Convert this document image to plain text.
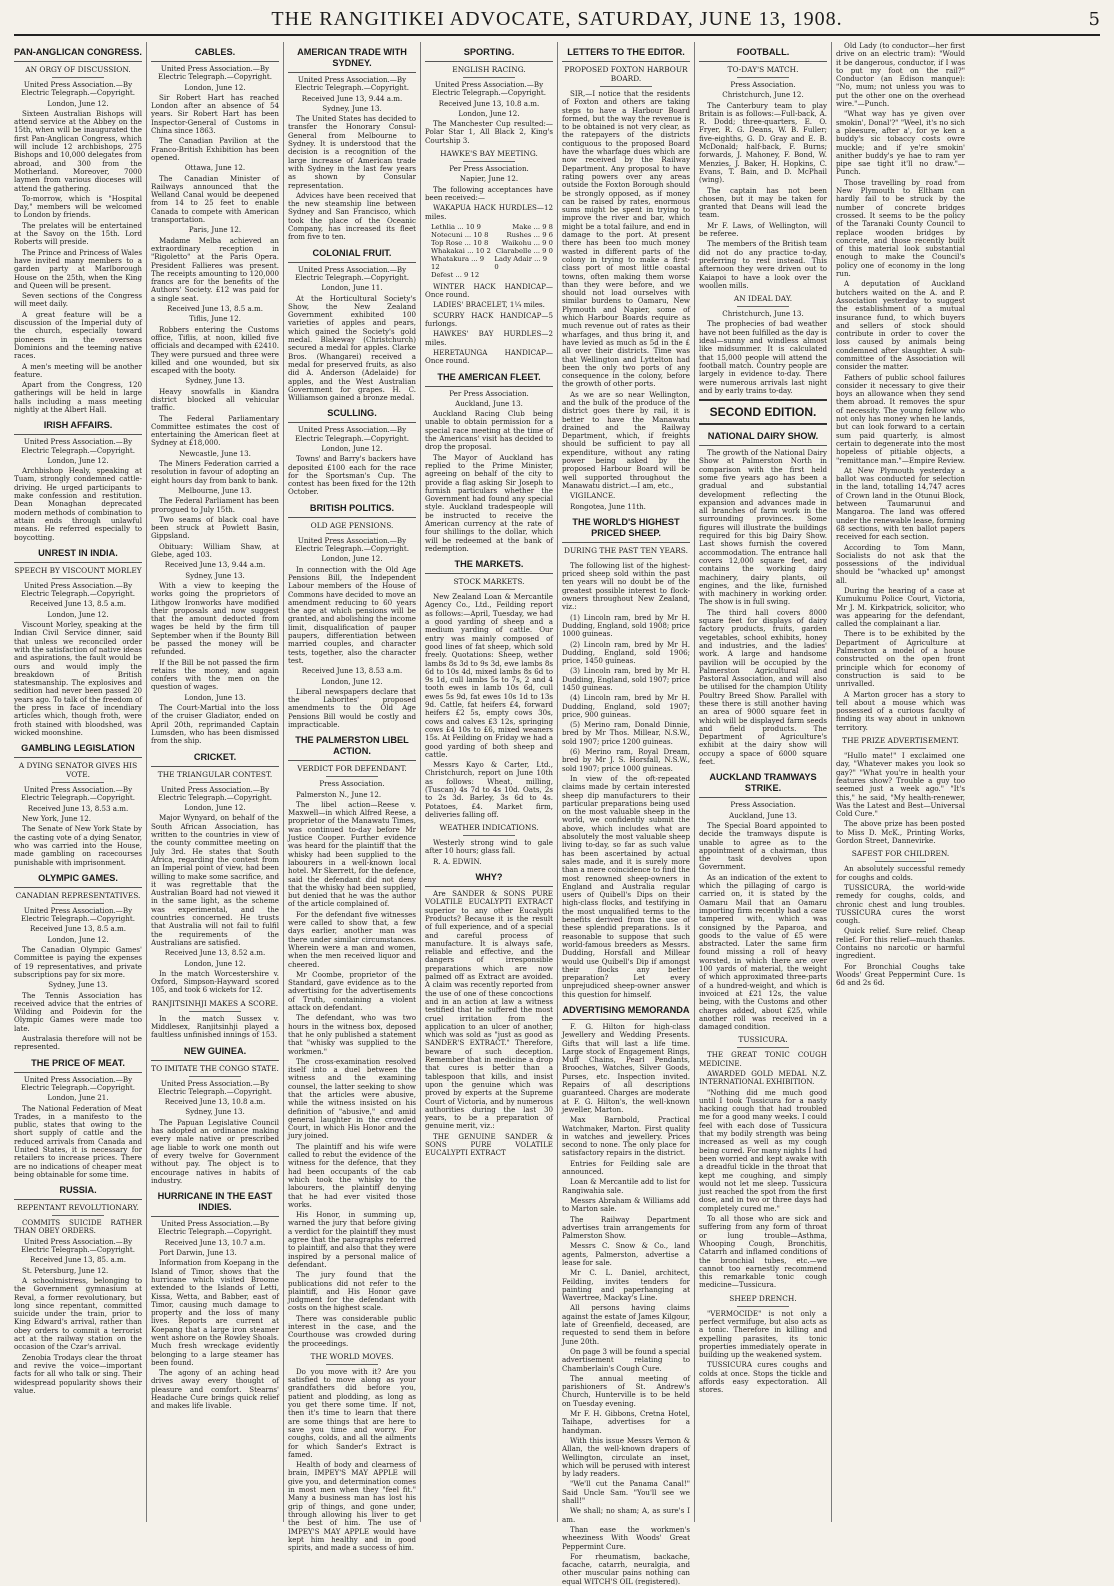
THE RANGITIKEI ADVOCATE, SATURDAY, JUNE 13, 1908.	5
PAN-ANGLICAN CONGRESS.
AN ORGY OF DISCUSSION.

United Press Association.—By Electric Telegraph.—Copyright.

London, June 12.

Sixteen Australian Bishops will attend service at the Abbey on the 15th, when will be inaugurated the first Pan-Anglican Congress, which will include 12 archbishops, 275 Bishops and 10,000 delegates from abroad, and 300 from the Motherland. Moreover, 7000 laymen from various dioceses will attend the gathering.

To-morrow, which is "Hospital Day," members will be welcomed to London by friends.

The prelates will be entertained at the Savoy on the 15th. Lord Roberts will preside.

The Prince and Princess of Wales have invited many members to a garden party at Marlborough House on the 25th, when the King and Queen will be present.

Seven sections of the Congress will meet daily.

A great feature will be a discussion of the Imperial duty of the church, especially toward pioneers in the overseas Dominions and the teeming native races.

A men's meeting will be another feature.

Apart from the Congress, 120 gatherings will be held in large halls including a mass meeting nightly at the Albert Hall.

IRISH AFFAIRS.

United Press Association.—By Electric Telegraph.—Copyright.

London, June 12.

Archbishop Healy, speaking at Tuam, strongly condemned cattle-driving. He urged participants to make confession and restitution. Dean Monaghan deprecated modern methods of combination to attain ends through unlawful means. He referred especially to boycotting.

UNREST IN INDIA.
SPEECH BY VISCOUNT MORLEY

United Press Association.—By Electric Telegraph.—Copyright.

Received June 13, 8.5 a.m.

London, June 12.

Viscount Morley, speaking at the Indian Civil Service dinner, said that unless we reconciled order with the satisfaction of native ideas and aspirations, the fault would be ours and would imply the breakdown of British statesmanship. The explosives and sedition had never been passed 20 years ago. To talk of the freedom of the press in face of incendiary articles which, though froth, were froth stained with bloodshed, was wicked moonshine.

GAMBLING LEGISLATION
A DYING SENATOR GIVES HIS VOTE.

United Press Association.—By Electric Telegraph.—Copyright.

Received June 13, 8.53 a.m.

New York, June 12.

The Senate of New York State by the casting vote of a dying Senator, who was carried into the House, made gambling on racecourses punishable with imprisonment.

OLYMPIC GAMES.
CANADIAN REPRESENTATIVES.

United Press Association.—By Electric Telegraph.—Copyright.

Received June 13, 8.5 a.m.

London, June 12.

The Canadian Olympic Games' Committee is paying the expenses of 19 representatives, and private subscriptions pay for six more.

Sydney, June 13.

The Tennis Association has received advice that the entries of Wilding and Poidevin for the Olympic Games were made too late.

Australasia therefore will not be represented.

THE PRICE OF MEAT.

United Press Association.—By Electric Telegraph.—Copyright.

London, June 21.

The National Federation of Meat Trades, in a manifesto to the public, states that owing to the short supply of cattle and the reduced arrivals from Canada and United States, it is necessary for retailers to increase prices. There are no indications of cheaper meat being obtainable for some time.

RUSSIA.
REPENTANT REVOLUTIONARY.

COMMITS SUICIDE RATHER THAN OBEY ORDERS.

United Press Association.—By Electric Telegraph.—Copyright.

Received June 13, 85. a.m.

St. Petersburg, June 12.

A schoolmistress, belonging to the Government gymnasium at Reval, a former revolutionary, but long since repentant, committed suicide under the train, prior to King Edward's arrival, rather than obey orders to commit a terrorist act at the railway station on the occasion of the Czar's arrival.

Zenobia Trodays clear the throat and revive the voice—important facts for all who talk or sing. Their widespread popularity shows their value.

CABLES.

United Press Association.—By Electric Telegraph.—Copyright.

London, June 12.

Sir Robert Hart has reached London after an absence of 54 years. Sir Robert Hart has been Inspector-General of Customs in China since 1863.

The Canadian Pavilion at the Franco-British Exhibition has been opened.

Ottawa, June 12.

The Canadian Minister of Railways announced that the Welland Canal would be deepened from 14 to 25 feet to enable Canada to compete with American transportation.

Paris, June 12.

Madame Melba achieved an extraordinary reception in "Rigoletto" at the Paris Opera. President Fallieres was present. The receipts amounting to 120,000 francs are for the benefits of the Authors' Society. £12 was paid for a single seat.

Received June 13, 8.5 a.m.

Tiflis, June 12.

Robbers entering the Customs office, Tiflis, at noon, killed five officials and decamped with £2410. They were pursued and three were killed and one wounded, but six escaped with the booty.

Sydney, June 13.

Heavy snowfalls in Kiandra district blocked all vehicular traffic.

The Federal Parliamentary Committee estimates the cost of entertaining the American fleet at Sydney at £18,000.

Newcastle, June 13.

The Miners Federation carried a resolution in favour of adopting an eight hours day from bank to bank.

Melbourne, June 13.

The Federal Parliament has been prorogued to July 15th.

Two seams of black coal have been struck at Powlett Basin, Gippsland.

Obituary: William Shaw, at Glebe, aged 103.

Received June 13, 9.44 a.m.

Sydney, June 13.

With a view to keeping the works going the proprietors of Lithgow Ironworks have modified their proposals and now suggest that the amount deducted from wages be held by the firm till September when if the Bounty Bill be passed the money will be refunded.

If the Bill be not passed the firm retains the money, and again confers with the men on the question of wages.

London, June 13.

The Court-Martial into the loss of the cruiser Gladiator, ended on April 20th, reprimanded Captain Lumsden, who has been dismissed from the ship.

CRICKET.
THE TRIANGULAR CONTEST.

United Press Association.—By Electric Telegraph.—Copyright.

London, June 12.

Major Wynyard, on behalf of the South African Association, has written to the countries in view of the county committee meeting on July 3rd. He states that South Africa, regarding the contest from an Imperial point of view, had been willing to make some sacrifice, and it was regrettable that the Australian Board had not viewed it in the same light, as the scheme was experimental, and the countries concerned. He trusts that Australia will not fail to fulfil the requirements of the Australians are satisfied.

Received June 13, 8.52 a.m.

London, June 12.

In the match Worcestershire v. Oxford, Simpson-Hayward scored 105, and took 6 wickets for 12.

RANJITSINHJI MAKES A SCORE.

In the match Sussex v. Middlesex, Ranjitsinhji played a faultless unfinished innings of 153.

NEW GUINEA.
TO IMITATE THE CONGO STATE.

United Press Association.—By Electric Telegraph.—Copyright.

Received June 13, 10.8 a.m.

Sydney, June 13.

The Papuan Legislative Council has adopted an ordinance making every male native or prescribed age liable to work one month out of every twelve for Government without pay. The object is to encourage natives in habits of industry.

HURRICANE IN THE EAST INDIES.

United Press Association.—By Electric Telegraph.—Copyright.

Received June 13, 10.7 a.m.

Port Darwin, June 13.

Information from Koepang in the Island of Timor, shows that the hurricane which visited Broome extended to the Islands of Letti, Kissa, Wetta, and Babber, east of Timor, causing much damage to property and the loss of many lives. Reports are current at Koepang that a large iron steamer went ashore on the Rowley Shoals. Much fresh wreckage evidently belonging to a large steamer has been found.

The agony of an aching head drives away every thought of pleasure and comfort. Stearns' Headache Cure brings quick relief and makes life livable.

AMERICAN TRADE WITH SYDNEY.

United Press Association.—By Electric Telegraph.—Copyright.

Received June 13, 9.44 a.m.

Sydney, June 13.

The United States has decided to transfer the Honorary Consul-General from Melbourne to Sydney. It is understood that the decision is a recognition of the large increase of American trade with Sydney in the last few years as shown by Consular representation.

Advices have been received that the new steamship line between Sydney and San Francisco, which took the place of the Oceanic Company, has increased its fleet from five to ten.

COLONIAL FRUIT.

United Press Association.—By Electric Telegraph.—Copyright.

London, June 11.

At the Horticultural Society's Show, the New Zealand Government exhibited 100 varieties of apples and pears, which gained the Society's gold medal. Blakeway (Christchurch) secured a medal for apples. Clarke Bros. (Whangarei) received a medal for preserved fruits, as also did A. Anderson (Adelaide) for apples, and the West Australian Government for grapes. H. C. Williamson gained a bronze medal.

SCULLING.

United Press Association.—By Electric Telegraph.—Copyright.

London, June 12.

Towns' and Barry's backers have deposited £100 each for the race for the Sportsman's Cup. The contest has been fixed for the 12th October.

BRITISH POLITICS.
OLD AGE PENSIONS.

United Press Association.—By Electric Telegraph.—Copyright.

London, June 12.

In connection with the Old Age Pensions Bill, the Independent Labour members of the House of Commons have decided to move an amendment reducing to 60 years the age at which pensions will be granted, and abolishing the income limit, disqualification of pauper paupers, differentiation between married couples, and character tests, together, also the character test.

Received June 13, 8.53 a.m.

London, June 12.

Liberal newspapers declare that the Laborites' proposed amendments to the Old Age Pensions Bill would be costly and impracticable.

THE PALMERSTON LIBEL ACTION.
VERDICT FOR DEFENDANT.

Press Association.

Palmerston N., June 12.

The libel action—Reese v. Maxwell—in which Alfred Reese, a proprietor of the Manawatu Times, was continued to-day before Mr Justice Cooper. Further evidence was heard for the plaintiff that the whisky had been supplied to the labourers in a well-known local hotel. Mr Skerrett, for the defence, said the defendant did not deny that the whisky had been supplied, but denied that he was the author of the article complained of.

For the defendant five witnesses were called to show that, a few days earlier, another man was there under similar circumstances. Wherein were a man and women, when the men received liquor and cheered.

Mr Coombe, proprietor of the Standard, gave evidence as to the advertising for the advertisements of Truth, containing a violent attack on defendant.

The defendant, who was two hours in the witness box, deposed that he only published a statement that "whisky was supplied to the workmen."

The cross-examination resolved itself into a duel between the witness and the examining counsel, the latter seeking to show that the articles were abusive, while the witness insisted on his definition of "abusive," and amid general laughter in the crowded Court, in which His Honor and the jury joined.

The plaintiff and his wife were called to rebut the evidence of the witness for the defence, that they had been occupants of the cab which took the whisky to the labourers, the plaintiff denying that he had ever visited those works.

His Honor, in summing up, warned the jury that before giving a verdict for the plaintiff they must agree that the paragraphs referred to plaintiff, and also that they were inspired by a personal malice of defendant.

The jury found that the publications did not refer to the plaintiff, and His Honor gave judgment for the defendant with costs on the highest scale.

There was considerable public interest in the case, and the Courthouse was crowded during the proceedings.

THE WORLD MOVES.

Do you move with it? Are you satisfied to move along as your grandfathers did before you, patient and plodding, as long as you get there some time. If not, then it's time to learn that there are some things that are here to save you time and worry. For coughs, colds, and all the ailments for which Sander's Extract is famed.

Health of body and clearness of brain, IMPEY'S MAY APPLE will give you, and determination comes in most men when they "feel fit." Many a business man has lost his grip of things, and gone under, through allowing his liver to get the best of him. The use of IMPEY'S MAY APPLE would have kept him healthy and in good spirits, and made a success of him.

SPORTING.
ENGLISH RACING.

United Press Association.—By Electric Telegraph.—Copyright.

Received June 13, 10.8 a.m.

London, June 12.

The Manchester Cup resulted:—Polar Star 1, All Black 2, King's Courtship 3.

HAWKE'S BAY MEETING.

Per Press Association.

Napier, June 12.

The following acceptances have been received:—

WAKAPUA HACK HURDLES—12 miles.

Lethlia ... 10 9	Make ... 9 8
Notecuni ... 10 8	Rushes ... 9 6
Top Rose ... 10 8 Waikohu ... 9 0
Whakakai ... 10 2 Clarabelle ... 9 0
Whatakura ... 9 12
Lady Adair ... 9 0
Defest ... 9 12

WINTER HACK HANDICAP—Once round.

LADIES' BRACELET, 1¼ miles.

SCURRY HACK HANDICAP—5 furlongs.

HAWKES' BAY HURDLES—2 miles.

HERETAUNGA HANDICAP—Once round.

THE AMERICAN FLEET.

Per Press Association.

Auckland, June 13.

Auckland Racing Club being unable to obtain permission for a special race meeting at the time of the Americans' visit has decided to drop the proposal.

The Mayor of Auckland has replied to the Prime Minister, agreeing on behalf of the city to provide a flag asking Sir Joseph to furnish particulars whether the Government had found any special style. Auckland tradespeople will be instructed to receive the American currency at the rate of four shillings to the dollar, which will be redeemed at the bank of redemption.

THE MARKETS.
STOCK MARKETS.

New Zealand Loan & Mercantile Agency Co., Ltd., Feilding report as follows:—April, Tuesday, we had a good yarding of sheep and a medium yarding of cattle. Our entry was mainly composed of good lines of fat sheep, which sold freely. Quotations: Sheep, wether lambs 8s 3d to 9s 3d, ewe lambs 8s 6d to 10s 4d, mixed lambs 8s 6d to 9s 1d, cull lambs 5s to 7s, 2 and 4 tooth ewes in lamb 10s 6d, cull ewes 5s 9d, fat ewes 10s 1d to 13s 9d. Cattle, fat heifers £4, forward heifers £2 5s, empty cows 30s, cows and calves £3 12s, springing cows £4 10s to £6, mixed weaners 15s. At Feilding on Friday we had a good yarding of both sheep and cattle.

Messrs Kayo & Carter, Ltd., Christchurch, report on June 10th as follows: Wheat, milling, (Tuscan) 4s 7d to 4s 10d. Oats, 2s to 2s 3d. Barley, 3s 6d to 4s. Potatoes, £4. Market firm, deliveries falling off.

WEATHER INDICATIONS.

Westerly strong wind to gale after 10 hours; glass fall.

R. A. EDWIN.

WHY?

Are SANDER & SONS PURE VOLATILE EUCALYPTI EXTRACT superior to any other Eucalypti Products? Because it is the result of full experience, and of a special and careful process of manufacture. It is always safe, reliable and effective, and the dangers of irresponsible preparations which are now palmed off as Extract are avoided. A claim was recently reported from the use of one of these concoctions and in an action at law a witness testified that he suffered the most cruel irritation from the application to an ulcer of another, which was sold as "just as good as SANDER'S EXTRACT." Therefore, beware of such deception. Remember that in medicine a drop that cures is better than a tablespoon that kills, and insist upon the genuine which was proved by experts at the Supreme Court of Victoria, and by numerous authorities during the last 30 years, to be a preparation of genuine merit, viz.:

THE GENUINE SANDER & SONS PURE VOLATILE EUCALYPTI EXTRACT

LETTERS TO THE EDITOR.
PROPOSED FOXTON HARBOUR BOARD.

SIR,—I notice that the residents of Foxton and others are taking steps to have a Harbour Board formed, but the way the revenue is to be obtained is not very clear, as the ratepayers of the districts contiguous to the proposed Board have the wharfage dues which are now received by the Railway Department. Any proposal to have rating powers over any areas outside the Foxton Borough should be strongly opposed, as if money can be raised by rates, enormous sums might be spent in trying to improve the river and bar, which might be a total failure, and end in damage to the port. At present there has been too much money wasted in different parts of the colony in trying to make a first-class port of most little coastal towns, often making them worse than they were before, and we should not load ourselves with similar burdens to Oamaru, New Plymouth and Napier, some of which Harbour Boards require as much revenue out of rates as their wharfages, and thus bring it, and have levied as much as 5d in the £ all over their districts. Time was that Wellington and Lyttelton had been the only two ports of any consequence in the colony, before the growth of other ports.

As we are so near Wellington, and the bulk of the produce of the district goes there by rail, it is better to have the Manawatu drained and the Railway Department, which, if freights should be sufficient to pay all expenditure, without any rating power being asked by the proposed Harbour Board will be well supported throughout the Manawatu district.—I am, etc.,

VIGILANCE.

Rongotea, June 11th.

THE WORLD'S HIGHEST PRICED SHEEP.
DURING THE PAST TEN YEARS.

The following list of the highest-priced sheep sold within the past ten years will no doubt be of the greatest possible interest to flock-owners throughout New Zealand, viz.:

(1) Lincoln ram, bred by Mr H. Dudding, England, sold 1908; price 1000 guineas.

(2) Lincoln ram, bred by Mr H. Dudding, England, sold 1906; price, 1450 guineas.

(3) Lincoln ram, bred by Mr H. Dudding, England, sold 1907; price 1450 guineas.

(4) Lincoln ram, bred by Mr H. Dudding, England, sold 1907; price, 900 guineas.

(5) Merino ram, Donald Dinnie, bred by Mr Thos. Millear, N.S.W., sold 1907; price 1200 guineas.

(6) Merino ram, Royal Dream, bred by Mr J. S. Horsfall, N.S.W., sold 1907; price 1000 guineas.

In view of the oft-repeated claims made by certain interested sheep dip manufacturers to their particular preparations being used on the most valuable sheep in the world, we confidently submit the above, which includes what are absolutely the most valuable sheep living to-day, so far as such value has been ascertained by actual sales made, and it is surely more than a mere coincidence to find the most renowned sheep-owners in England and Australia regular users of Quibell's Dips on their high-class flocks, and testifying in the most unqualified terms to the benefits derived from the use of these splendid preparations. Is it reasonable to suppose that such world-famous breeders as Messrs. Dudding, Horsfall and Millear would use Quibell's Dip if amongst their flocks any better preparation? Let every unprejudiced sheep-owner answer this question for himself.

ADVERTISING MEMORANDA

F. G. Hilton for high-class Jewellery and Wedding Presents. Gifts that will last a life time. Large stock of Engagement Rings, Muff Chains, Pearl Pendants, Brooches, Watches, Silver Goods, Purses, etc. Inspection invited. Repairs of all descriptions guaranteed. Charges are moderate at F. G. Hilton's, the well-known jeweller, Marton.

Max Barnbold, Practical Watchmaker, Marton. First quality in watches and jewellery. Prices second to none. The only place for satisfactory repairs in the district.

Entries for Feilding sale are announced.

Loan & Mercantile add to list for Rangiwahia sale.

Messrs Abraham & Williams add to Marton sale.

The Railway Department advertises train arrangements for Palmerston Show.

Messrs C. Snow & Co., land agents, Palmerston, advertise a lease for sale.

Mr C. L. Daniel, architect, Feilding, invites tenders for painting and paperhanging at Wavertree, Mackay's Line.

All persons having claims against the estate of James Kilgour, late of Greenfield, deceased, are requested to send them in before June 20th.

On page 3 will be found a special advertisement relating to Chamberlain's Cough Cure.

The annual meeting of parishioners of St. Andrew's Church, Hunterville is to be held on Tuesday evening.

Mr F. H. Gibbons, Cretna Hotel, Taihape, advertises for a handyman.

With this issue Messrs Vernon & Allan, the well-known drapers of Wellington, circulate an inset, which will be perused with interest by lady readers.

"We'll cut the Panama Canal!" Said Uncle Sam. "You'll see we shall!"

We shall; no sham; A, as sure's I am.

Than ease the workmen's wheeziness With Woods' Great Peppermint Cure.

For rheumatism, backache, facache, catarrh, neuralgia, and other muscular pains nothing can equal WITCH'S OIL (registered).

FOOTBALL.
TO-DAY'S MATCH.

Press Association.

Christchurch, June 12.

The Canterbury team to play Britain is as follows:—Full-back, A. R. Dodd; three-quarters, E. O. Fryer, R. G. Deans, W. B. Fuller; five-eighths, G. D. Gray and E. B. McDonald; half-back, F. Burns; forwards, J. Mahoney, F. Bond, W. Menzies, J. Baker, H. Hopkins, C. Evans, T. Bain, and D. McPhail (wing).

The captain has not been chosen, but it may be taken for granted that Deans will lead the team.

Mr F. Laws, of Wellington, will be referee.

The members of the British team did not do any practice to-day, preferring to rest instead. This afternoon they were driven out to Kaiapoi to have a look over the woollen mills.

AN IDEAL DAY.

Christchurch, June 13.

The prophecies of bad weather have not been fulfilled as the day is ideal—sunny and windless almost like midsummer. It is calculated that 15,000 people will attend the football match. Country people are largely in evidence to-day. There were numerous arrivals last night and by early trains to-day.

SECOND EDITION.
NATIONAL DAIRY SHOW.

The growth of the National Dairy Show at Palmerston North in comparison with the first held some five years ago has been a gradual and substantial development reflecting the expansion and advances made in all branches of farm work in the surrounding provinces. Some figures will illustrate the buildings required for this big Dairy Show. Last shows furnish the covered accommodation. The entrance hall covers 12,000 square feet, and contains the working dairy machinery, dairy plants, oil engines, and the like, furnished with machinery in working order. The show is in full swing.

The third hall covers 8000 square feet for displays of dairy factory products, fruits, garden vegetables, school exhibits, honey and industries, and the ladies' work. A large and handsome pavilion will be occupied by the Palmerston Agricultural and Pastoral Association, and will also be utilised for the champion Utility Poultry Breed Show. Parallel with these there is still another having an area of 9000 square feet in which will be displayed farm seeds and field products. The Department of Agriculture's exhibit at the dairy show will occupy a space of 6000 square feet.

AUCKLAND TRAMWAYS STRIKE.

Press Association.

Auckland, June 13.

The Special Board appointed to decide the tramways dispute is unable to agree as to the appointment of a chairman, thus the task devolves upon Government.

As an indication of the extent to which the pillaging of cargo is carried on, it is stated by the Oamaru Mail that an Oamaru importing firm recently had a case tampered with, which was consigned by the Paparoa, and goods to the value of £5 were abstracted. Later the same firm found missing a roll of heavy worsted, in which there are over 100 yards of material, the weight of which approximated three-parts of a hundred-weight, and which is invoiced at £21 12s, the value being, with the Customs and other charges added, about £25, while another roll was received in a damaged condition.

TUSSICURA.

THE GREAT TONIC COUGH MEDICINE.

AWARDED GOLD MEDAL N.Z. INTERNATIONAL EXHIBITION.

"Nothing did me much good until I took Tussicura for a nasty hacking cough that had troubled me for a good many weeks. I could feel with each dose of Tussicura that my bodily strength was being increased as well as my cough being cured. For many nights I had been worried and kept awake with a dreadful tickle in the throat that kept me coughing, and simply would not let me sleep. Tussicura just reached the spot from the first dose, and in two or three days had completely cured me."

To all those who are sick and suffering from any form of throat or lung trouble—Asthma, Whooping Cough, Bronchitis, Catarrh and inflamed conditions of the bronchial tubes, etc.—we cannot too earnestly recommend this remarkable tonic cough medicine—Tussicura.

SHEEP DRENCH.

"VERMOCIDE" is not only a perfect vermifuge, but also acts as a tonic. Therefore in killing and expelling parasites, its tonic properties immediately operate in building up the weakened system.

TUSSICURA cures coughs and colds at once. Stops the tickle and affords easy expectoration. All stores.

Old Lady (to conductor—her first drive on an electric tram): "Would it be dangerous, conductor, if I was to put my foot on the rail?" Conductor (an Edison manque): "No, mum; not unless you was to put the other one on the overhead wire."—Punch.

"What way has ye given over smokin', Donal'?" "Weel, it's no sich a pleesure, after a', for ye ken a buddy's sic tobaccy costs owre muckle; and if ye're smokin' anither buddy's ye hae to ram yer pipe sae tight it'll no draw."—Punch.

Those travelling by road from New Plymouth to Eltham can hardly fail to be struck by the number of concrete bridges crossed. It seems to be the policy of the Taranaki County Council to replace wooden bridges by concrete, and those recently built of this material look substantial enough to make the Council's policy one of economy in the long run.

A deputation of Auckland butchers waited on the A. and P. Association yesterday to suggest the establishment of a mutual insurance fund, to which buyers and sellers of stock should contribute in order to cover the loss caused by animals being condemned after slaughter. A sub-committee of the Association will consider the matter.

Fathers of public school failures consider it necessary to give their boys an allowance when they send them abroad. It removes the spur of necessity. The young fellow who not only has money when he lands, but can look forward to a certain sum paid quarterly, is almost certain to degenerate into the most hopeless of pitiable objects, a "remittance man."—Empire Review.

At New Plymouth yesterday a ballot was conducted for selection in the land, totalling 14,747 acres of Crown land in the Otunui Block, between Taumarunui and Mangaroa. The land was offered under the renewable lease, forming 68 sections, with ten ballot papers received for each section.

According to Tom Mann, Socialists do not ask that the possessions of the individual should be "whacked up" amongst all.

During the hearing of a case at Kumukumu Police Court, Victoria, Mr J. M. Kirkpatrick, solicitor, who was appearing for the defendant, called the complainant a liar.

There is to be exhibited by the Department of Agriculture at Palmerston a model of a house constructed on the open front principle which for economy of construction is said to be unrivalled.

A Marton grocer has a story to tell about a mouse which was possessed of a curious faculty of finding its way about in unknown territory.

THE PRIZE ADVERTISEMENT.

"Hullo mate!" I exclaimed one day, "Whatever makes you look so gay?" "What you're in health your features show? Trouble a guy too seemed just a week ago." "It's this," he said, "My health-renewer, Was the Latest and Best—Universal Cold Cure."

The above prize has been posted to Miss D. McK., Printing Works, Gordon Street, Dannevirke.

SAFEST FOR CHILDREN.

An absolutely successful remedy for coughs and colds.

TUSSICURA, the world-wide remedy for coughs, colds, and chronic chest and lung troubles. TUSSICURA cures the worst cough.

Quick relief. Sure relief. Cheap relief. For this relief—much thanks. Contains no narcotic or harmful ingredient.

For Bronchial Coughs take Woods' Great Peppermint Cure. 1s 6d and 2s 6d.
